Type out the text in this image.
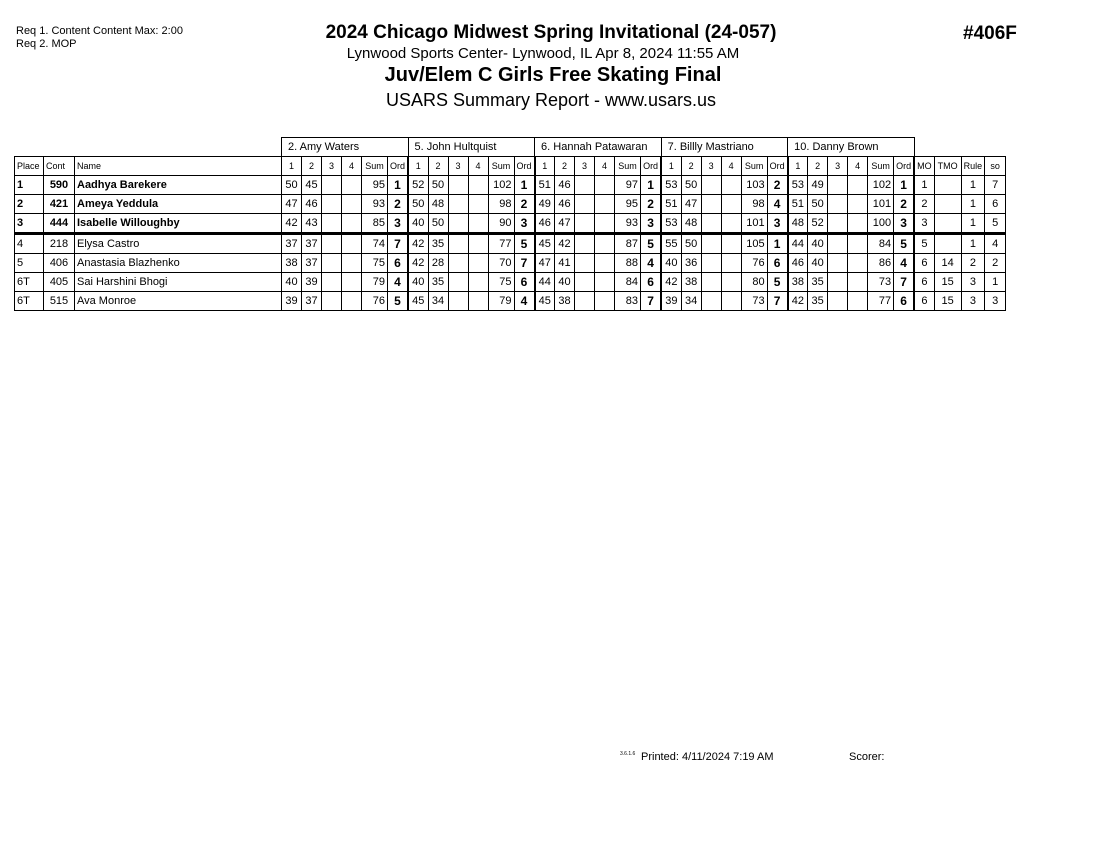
Req 1. Content Content Max: 2:00
Req 2. MOP
2024 Chicago Midwest Spring Invitational (24-057)
Lynwood Sports Center- Lynwood, IL Apr 8, 2024 11:55 AM
Juv/Elem C Girls Free Skating Final
USARS Summary Report - www.usars.us
#406F
			2. Amy Waters						5. John Hultquist						6. Hannah Patawaran						7. Billly Mastriano						10. Danny Brown									
Place	Cont	Name	1	2	3	4	Sum	Ord	1	2	3	4	Sum	Ord	1	2	3	4	Sum	Ord	1	2	3	4	Sum	Ord	1	2	3	4	Sum	Ord	MO	TMO	Rule	so
1	590	Aadhya Barekere	50	45			95	1	52	50			102	1	51	46			97	1	53	50			103	2	53	49			102	1	1		1	7
2	421	Ameya Yeddula	47	46			93	2	50	48			98	2	49	46			95	2	51	47			98	4	51	50			101	2	2		1	6
3	444	Isabelle Willoughby	42	43			85	3	40	50			90	3	46	47			93	3	53	48			101	3	48	52			100	3	3		1	5
4	218	Elysa Castro	37	37			74	7	42	35			77	5	45	42			87	5	55	50			105	1	44	40			84	5	5		1	4
5	406	Anastasia Blazhenko	38	37			75	6	42	28			70	7	47	41			88	4	40	36			76	6	46	40			86	4	6	14	2	2
6T	405	Sai Harshini Bhogi	40	39			79	4	40	35			75	6	44	40			84	6	42	38			80	5	38	35			73	7	6	15	3	1
6T	515	Ava Monroe	39	37			76	5	45	34			79	4	45	38			83	7	39	34			73	7	42	35			77	6	6	15	3	3
3.6.1.6 Printed: 4/11/2024 7:19 AM	Scorer:
